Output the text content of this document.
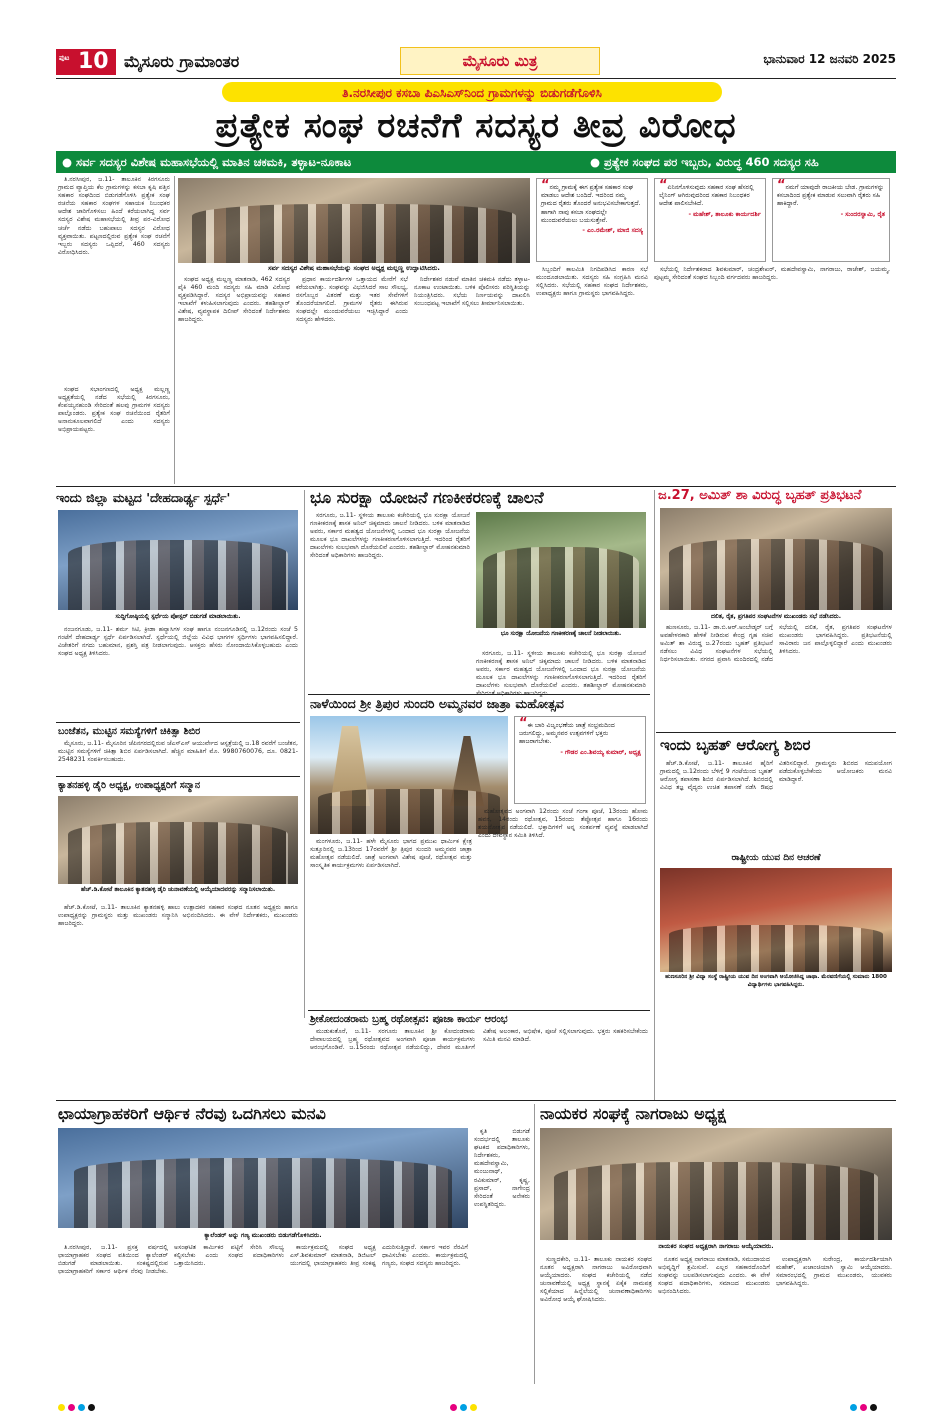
ಪುಟ 10 ಮೈಸೂರು ಗ್ರಾಮಾಂತರ	ಮೈಸೂರು ಮಿತ್ರ	ಭಾನುವಾರ 12 ಜನವರಿ 2025
ತಿ.ನರಸೀಪುರ ಕಸಬಾ ಪಿಎಸಿಎಸ್‌ನಿಂದ ಗ್ರಾಮಗಳನ್ನು ಬಿಡುಗಡೆಗೊಳಿಸಿ
ಪ್ರತ್ಯೇಕ ಸಂಘ ರಚನೆಗೆ ಸದಸ್ಯರ ತೀವ್ರ ವಿರೋಧ
● ಸರ್ವ ಸದಸ್ಯರ ವಿಶೇಷ ಮಹಾಸಭೆಯಲ್ಲಿ ಮಾತಿನ ಚಕಮಕಿ, ತಳ್ಳಾಟ-ನೂಕಾಟ	● ಪ್ರತ್ಯೇಕ ಸಂಘದ ಪರ ಇಬ್ಬರು, ವಿರುದ್ಧ 460 ಸದಸ್ಯರ ಸಹಿ

ತಿ.ನರಸೀಪುರ, ಜ.11- ತಾಲೂಕಿನ ಕಿರಗಸೂರು ಗ್ರಾಮದ ವ್ಯಾಪ್ತಿಯ ಕೆಲ ಗ್ರಾಮಗಳನ್ನು ಕಸಬಾ ಕೃಷಿ ಪತ್ತಿನ ಸಹಕಾರ ಸಂಘದಿಂದ ಬಿಡುಗಡೆಗೊಳಿಸಿ ಪ್ರತ್ಯೇಕ ಸಂಘ ರಚನೆಯ ಸಹಕಾರ ಸಂಘಗಳ ಸಹಾಯಕ ನಿಬಂಧಕರ ಆದೇಶ ಜಾರಿಗೊಳಿಸಲು ಹಿಂದೆ ಕರೆಯಲಾಗಿದ್ದ ಸರ್ವ ಸದಸ್ಯರ ವಿಶೇಷ ಮಹಾಸಭೆಯಲ್ಲಿ ತೀವ್ರ ಪರ-ವಿರೋಧ ಚರ್ಚೆ ನಡೆದು ಬಹುಪಾಲು ಸದಸ್ಯರ ವಿರೋಧ ವ್ಯಕ್ತವಾಯಿತು. ಪಟ್ಟಣದಲ್ಲಿರುವ ಪ್ರತ್ಯೇಕ ಸಂಘ ರಚನೆಗೆ ಇಬ್ಬರು ಸದಸ್ಯರು ಒಪ್ಪಿದರೆ, 460 ಸದಸ್ಯರು ವಿರೋಧಿಸಿದರು.

ಸಂಘದ ಸಭಾಂಗಣದಲ್ಲಿ ಅಧ್ಯಕ್ಷ ಮಲ್ಲಣ್ಣ ಅಧ್ಯಕ್ಷತೆಯಲ್ಲಿ ನಡೆದ ಸಭೆಯಲ್ಲಿ ಕಿರಗಸೂರು, ಕೆಂಪಯ್ಯನಹುಂಡಿ ಸೇರಿದಂತೆ ಹಲವು ಗ್ರಾಮಗಳ ಸದಸ್ಯರು ಪಾಲ್ಗೊಂಡರು. ಪ್ರತ್ಯೇಕ ಸಂಘ ರಚನೆಯಿಂದ ರೈತರಿಗೆ ಅನಾನುಕೂಲವಾಗಲಿದೆ ಎಂದು ಸದಸ್ಯರು ಅಭಿಪ್ರಾಯಪಟ್ಟರು.

ಸರ್ವ ಸದಸ್ಯರ ವಿಶೇಷ ಮಹಾಸಭೆಯನ್ನು ಸಂಘದ ಅಧ್ಯಕ್ಷ ಮಲ್ಲಣ್ಣ ಉದ್ಘಾಟಿಸಿದರು.

ಸಂಘದ ಅಧ್ಯಕ್ಷ ಮಲ್ಲಣ್ಣ ಮಾತನಾಡಿ, 462 ಸದಸ್ಯರ ಪೈಕಿ 460 ಮಂದಿ ಸದಸ್ಯರು ಸಹಿ ಮಾಡಿ ವಿರೋಧ ವ್ಯಕ್ತಪಡಿಸಿದ್ದಾರೆ. ಸದಸ್ಯರ ಅಭಿಪ್ರಾಯವನ್ನು ಸಹಕಾರ ಇಲಾಖೆಗೆ ಕಳುಹಿಸಲಾಗುವುದು ಎಂದರು. ತಹಶೀಲ್ದಾರ್ ವಿಶೇಷ, ವ್ಯವಸ್ಥಾಪಕ ದಿಲೀಪ್ ಸೇರಿದಂತೆ ನಿರ್ದೇಶಕರು ಹಾಜರಿದ್ದರು.

ಪ್ರಧಾನ ಕಾರ್ಯದರ್ಶಿಗಳ ಒತ್ತಾಯದ ಮೇರೆಗೆ ಸಭೆ ಕರೆಯಲಾಗಿತ್ತು. ಸಂಘವನ್ನು ವಿಭಜಿಸಿದರೆ ಸಾಲ ಸೌಲಭ್ಯ, ರಸಗೊಬ್ಬರ ವಿತರಣೆ ಮತ್ತು ಇತರ ಸೇವೆಗಳಿಗೆ ತೊಂದರೆಯಾಗಲಿದೆ. ಗ್ರಾಮಗಳ ರೈತರು ಈಗಿರುವ ಸಂಘದಲ್ಲೇ ಮುಂದುವರೆಯಲು ಇಚ್ಛಿಸಿದ್ದಾರೆ ಎಂದು ಸದಸ್ಯರು ಹೇಳಿದರು.

ನಿರ್ದೇಶಕರ ನಡುವೆ ಮಾತಿನ ಚಕಮಕಿ ನಡೆದು ತಳ್ಳಾಟ-ನೂಕಾಟ ಉಂಟಾಯಿತು. ಬಳಿಕ ಪೊಲೀಸರು ಪರಿಸ್ಥಿತಿಯನ್ನು ನಿಯಂತ್ರಿಸಿದರು. ಸಭೆಯ ನಿರ್ಣಯವನ್ನು ದಾಖಲಿಸಿ ಸಂಬಂಧಪಟ್ಟ ಇಲಾಖೆಗೆ ಸಲ್ಲಿಸಲು ತೀರ್ಮಾನಿಸಲಾಯಿತು.

“ನಮ್ಮ ಗ್ರಾಮಕ್ಕೆ ಈಗ ಪ್ರತ್ಯೇಕ ಸಹಕಾರ ಸಂಘ ಮಾಡಲು ಆದೇಶ ಬಂದಿದೆ. ಇದರಿಂದ ನಮ್ಮ ಗ್ರಾಮದ ರೈತರು ತೊಂದರೆ ಅನುಭವಿಸಬೇಕಾಗುತ್ತದೆ. ಹಾಗಾಗಿ ನಾವು ಕಸಬಾ ಸಂಘದಲ್ಲೇ ಮುಂದುವರೆಯಲು ಬಯಸುತ್ತೇವೆ.
- ಎಂ.ರಮೇಶ್, ಮಾಜಿ ಸದಸ್ಯ
“ಏನಿನಗೊಳಿಸುವುದು ಸಹಕಾರ ಸಂಘ ಹೆಸರಲ್ಲಿ ಲೈನಿಂಗ್ ಆಗಿರುವುದರಿಂದ ಸಹಕಾರ ನಿಬಂಧಕರ ಆದೇಶ ಪಾಲಿಸಬೇಕಿದೆ.
- ಮಹೇಶ್, ತಾಲೂಕು ಕಾರ್ಯದರ್ಶಿ
“ನಮಗೆ ಯಾವುದೇ ರಾಜಕೀಯ ಬೇಡ. ಗ್ರಾಮಗಳನ್ನು ಕಸಬಾದಿಂದ ಪ್ರತ್ಯೇಕ ಮಾಡುವ ಸಲುವಾಗಿ ರೈತರು ಸಹಿ ಹಾಕಿದ್ದಾರೆ.
- ಸುಂದರಸ್ವಾಮಿ, ರೈತ

ಸಿಬ್ಬಂದಿಗೆ ಕಾಲಮಿತಿ ನಿಗದಿಪಡಿಸಿದ ಕಾರಣ ಸಭೆ ಮುಂದೂಡಲಾಯಿತು. ಸದಸ್ಯರು ಸಹಿ ಸಂಗ್ರಹಿಸಿ ಮನವಿ ಸಲ್ಲಿಸಿದರು. ಸಭೆಯಲ್ಲಿ ಸಹಕಾರ ಸಂಘದ ನಿರ್ದೇಶಕರು, ಉಪಾಧ್ಯಕ್ಷರು ಹಾಗೂ ಗ್ರಾಮಸ್ಥರು ಭಾಗವಹಿಸಿದ್ದರು.

ಸಭೆಯಲ್ಲಿ ನಿರ್ದೇಶಕರಾದ ಶಿವಕುಮಾರ್, ಚಂದ್ರಶೇಖರ್, ಮಹದೇವಸ್ವಾಮಿ, ನಾಗರಾಜು, ರಾಜೇಶ್, ಜಯಮ್ಮ, ಪುಟ್ಟಮ್ಮ ಸೇರಿದಂತೆ ಸಂಘದ ಸಿಬ್ಬಂದಿ ವರ್ಗದವರು ಹಾಜರಿದ್ದರು.

ಇಂದು ಜಿಲ್ಲಾ ಮಟ್ಟದ 'ದೇಹದಾರ್ಢ್ಯ ಸ್ಪರ್ಧೆ'
ಸುದ್ದಿಗೋಷ್ಠಿಯಲ್ಲಿ ಸ್ಪರ್ಧೆಯ ಪೋಸ್ಟರ್ ಬಿಡುಗಡೆ ಮಾಡಲಾಯಿತು.

ನಂಜನಗೂಡು, ಜ.11- ಶರ್ಮ ಸಿಟಿ, ಕ್ರೀಡಾ ಹವ್ಯಾಸಿಗಳ ಸಂಘ ಹಾಗೂ ನಂಜನಗೂಡಿನಲ್ಲಿ ಜ.12ರಂದು ಸಂಜೆ 5 ಗಂಟೆಗೆ ದೇಹದಾರ್ಢ್ಯ ಸ್ಪರ್ಧೆ ಏರ್ಪಡಿಸಲಾಗಿದೆ. ಸ್ಪರ್ಧೆಯಲ್ಲಿ ಜಿಲ್ಲೆಯ ವಿವಿಧ ಭಾಗಗಳ ಸ್ಪರ್ಧಿಗಳು ಭಾಗವಹಿಸಲಿದ್ದಾರೆ. ವಿಜೇತರಿಗೆ ನಗದು ಬಹುಮಾನ, ಪ್ರಶಸ್ತಿ ಪತ್ರ ನೀಡಲಾಗುವುದು. ಆಸಕ್ತರು ಹೆಸರು ನೋಂದಾಯಿಸಿಕೊಳ್ಳಬಹುದು ಎಂದು ಸಂಘದ ಅಧ್ಯಕ್ಷ ತಿಳಿಸಿದರು.

ಬಂಜೆತನ, ಮುಟ್ಟಿನ ಸಮಸ್ಯೆಗಳಿಗೆ ಚಿಕಿತ್ಸಾ ಶಿಬಿರ

ಮೈಸೂರು, ಜ.11- ಮೈಸೂರಿನ ಜೆಪಿನಗರದಲ್ಲಿರುವ ಜೆಎಸ್ಎಸ್ ಆಯುರ್ವೇದ ಆಸ್ಪತ್ರೆಯಲ್ಲಿ ಜ.18 ರವರೆಗೆ ಬಂಜೆತನ, ಮುಟ್ಟಿನ ಸಮಸ್ಯೆಗಳಿಗೆ ಚಿಕಿತ್ಸಾ ಶಿಬಿರ ಏರ್ಪಡಿಸಲಾಗಿದೆ. ಹೆಚ್ಚಿನ ಮಾಹಿತಿಗೆ ಮೊ. 9980760076, ದೂ. 0821-2548231 ಸಂಪರ್ಕಿಸಬಹುದು.

ಕ್ಯಾತನಹಳ್ಳಿ ಡೈರಿ ಅಧ್ಯಕ್ಷ, ಉಪಾಧ್ಯಕ್ಷರಿಗೆ ಸನ್ಮಾನ
ಹೆಚ್.ಡಿ.ಕೋಟೆ ತಾಲೂಕಿನ ಕ್ಯಾತನಹಳ್ಳಿ ಡೈರಿ ಚುನಾವಣೆಯಲ್ಲಿ ಆಯ್ಕೆಯಾದವರನ್ನು ಸನ್ಮಾನಿಸಲಾಯಿತು.

ಹೆಚ್.ಡಿ.ಕೋಟೆ, ಜ.11- ತಾಲೂಕಿನ ಕ್ಯಾತನಹಳ್ಳಿ ಹಾಲು ಉತ್ಪಾದಕರ ಸಹಕಾರ ಸಂಘದ ನೂತನ ಅಧ್ಯಕ್ಷರು ಹಾಗೂ ಉಪಾಧ್ಯಕ್ಷರನ್ನು ಗ್ರಾಮಸ್ಥರು ಮತ್ತು ಮುಖಂಡರು ಸನ್ಮಾನಿಸಿ ಅಭಿನಂದಿಸಿದರು. ಈ ವೇಳೆ ನಿರ್ದೇಶಕರು, ಮುಖಂಡರು ಹಾಜರಿದ್ದರು.

ಭೂ ಸುರಕ್ಷಾ ಯೋಜನೆ ಗಣಕೀಕರಣಕ್ಕೆ ಚಾಲನೆ

ಸರಗೂರು, ಜ.11- ಸ್ಥಳೀಯ ತಾಲೂಕು ಕಚೇರಿಯಲ್ಲಿ ಭೂ ಸುರಕ್ಷಾ ಯೋಜನೆ ಗಣಕೀಕರಣಕ್ಕೆ ಶಾಸಕ ಅನಿಲ್ ಚಿಕ್ಕಮಾದು ಚಾಲನೆ ನೀಡಿದರು. ಬಳಿಕ ಮಾತನಾಡಿದ ಅವರು, ಸರ್ಕಾರ ಮಹತ್ವದ ಯೋಜನೆಗಳಲ್ಲಿ ಒಂದಾದ ಭೂ ಸುರಕ್ಷಾ ಯೋಜನೆಯ ಮೂಲಕ ಭೂ ದಾಖಲೆಗಳನ್ನು ಗಣಕೀಕರಣಗೊಳಿಸಲಾಗುತ್ತಿದೆ. ಇದರಿಂದ ರೈತರಿಗೆ ದಾಖಲೆಗಳು ಸುಲಭವಾಗಿ ದೊರೆಯಲಿವೆ ಎಂದರು. ತಹಶೀಲ್ದಾರ್ ಮೋಹನಕುಮಾರಿ ಸೇರಿದಂತೆ ಅಧಿಕಾರಿಗಳು ಹಾಜರಿದ್ದರು.

ಭೂ ಸುರಕ್ಷಾ ಯೋಜನೆಯ ಗಣಕೀಕರಣಕ್ಕೆ ಚಾಲನೆ ನೀಡಲಾಯಿತು.

ಸರಗೂರು, ಜ.11- ಸ್ಥಳೀಯ ತಾಲೂಕು ಕಚೇರಿಯಲ್ಲಿ ಭೂ ಸುರಕ್ಷಾ ಯೋಜನೆ ಗಣಕೀಕರಣಕ್ಕೆ ಶಾಸಕ ಅನಿಲ್ ಚಿಕ್ಕಮಾದು ಚಾಲನೆ ನೀಡಿದರು. ಬಳಿಕ ಮಾತನಾಡಿದ ಅವರು, ಸರ್ಕಾರ ಮಹತ್ವದ ಯೋಜನೆಗಳಲ್ಲಿ ಒಂದಾದ ಭೂ ಸುರಕ್ಷಾ ಯೋಜನೆಯ ಮೂಲಕ ಭೂ ದಾಖಲೆಗಳನ್ನು ಗಣಕೀಕರಣಗೊಳಿಸಲಾಗುತ್ತಿದೆ. ಇದರಿಂದ ರೈತರಿಗೆ ದಾಖಲೆಗಳು ಸುಲಭವಾಗಿ ದೊರೆಯಲಿವೆ ಎಂದರು. ತಹಶೀಲ್ದಾರ್ ಮೋಹನಕುಮಾರಿ

ನಾಳೆಯಿಂದ ಶ್ರೀ ತ್ರಿಪುರ ಸುಂದರಿ ಅಮ್ಮನವರ ಜಾತ್ರಾ ಮಹೋತ್ಸವ
“ಈ ಬಾರಿ ವಿಜೃಂಭಣೆಯ ಜಾತ್ರೆ ಸಂಭ್ರಮದಿಂದ ಜರುಗಲಿದ್ದು, ಅಮ್ಮನವರ ಉತ್ಸವಗಳಿಗೆ ಭಕ್ತರು ಹಾಜರಾಗಬೇಕು.
- ಗೌಡರ ಎಂ.ಶಿವಯ್ಯ ಕುಮಾರ್, ಅಧ್ಯಕ್ಷ

ಮಂಗಳೂರು, ಜ.11- ಹಳೇ ಮೈಸೂರು ಭಾಗದ ಪ್ರಮುಖ ಧಾರ್ಮಿಕ ಕ್ಷೇತ್ರ ಸುತ್ತೂರಿನಲ್ಲಿ ಜ.13ರಿಂದ 17ರವರೆಗೆ ಶ್ರೀ ತ್ರಿಪುರ ಸುಂದರಿ ಅಮ್ಮನವರ ಜಾತ್ರಾ ಮಹೋತ್ಸವ ನಡೆಯಲಿದೆ. ಜಾತ್ರೆ ಅಂಗವಾಗಿ ವಿಶೇಷ ಪೂಜೆ, ರಥೋತ್ಸವ ಮತ್ತು ಸಾಂಸ್ಕೃತಿಕ ಕಾರ್ಯಕ್ರಮಗಳು ಏರ್ಪಡಿಸಲಾಗಿದೆ.

ಮಹೋತ್ಸವದ ಅಂಗವಾಗಿ 12ರಂದು ಸಂಜೆ ಗಂಗಾ ಪೂಜೆ, 13ರಂದು ಹೋಮ ಹವನ, 14ರಂದು ರಥೋತ್ಸವ, 15ರಂದು ತೆಪ್ಪೋತ್ಸವ ಹಾಗೂ 16ರಂದು ಶಯನೋತ್ಸವ ನಡೆಯಲಿದೆ. ಭಕ್ತಾದಿಗಳಿಗೆ ಅನ್ನ ಸಂತರ್ಪಣೆ ವ್ಯವಸ್ಥೆ ಮಾಡಲಾಗಿದೆ ಎಂದು ದೇವಸ್ಥಾನ ಸಮಿತಿ ತಿಳಿಸಿದೆ.

ಶ್ರೀಕೋದಂಡರಾಮ ಬ್ರಹ್ಮ ರಥೋತ್ಸವ: ಪೂಜಾ ಕಾರ್ಯ ಆರಂಭ

ಮುಡುಕುತೊರೆ, ಜ.11- ಸರಗೂರು ತಾಲೂಕಿನ ಶ್ರೀ ಕೋದಂಡರಾಮ ದೇವಾಲಯದಲ್ಲಿ ಬ್ರಹ್ಮ ರಥೋತ್ಸವದ ಅಂಗವಾಗಿ ಪೂಜಾ ಕಾರ್ಯಕ್ರಮಗಳು ಆರಂಭಗೊಂಡಿವೆ. ಜ.15ರಂದು ರಥೋತ್ಸವ ನಡೆಯಲಿದ್ದು, ದೇವರ ಮೂರ್ತಿಗೆ ವಿಶೇಷ ಅಲಂಕಾರ, ಅಭಿಷೇಕ, ಪೂಜೆ ಸಲ್ಲಿಸಲಾಗುವುದು. ಭಕ್ತರು ಸಹಕರಿಸಬೇಕೆಂದು ಸಮಿತಿ ಮನವಿ ಮಾಡಿದೆ.

ಜ.27, ಅಮಿತ್ ಶಾ ವಿರುದ್ಧ ಬೃಹತ್ ಪ್ರತಿಭಟನೆ
ದಲಿತ, ರೈತ, ಪ್ರಗತಿಪರ ಸಂಘಟನೆಗಳ ಮುಖಂಡರು ಸಭೆ ನಡೆಸಿದರು.

ಹುಣಸೂರು, ಜ.11- ಡಾ.ಬಿ.ಆರ್.ಅಂಬೇಡ್ಕರ್ ಬಗ್ಗೆ ಅವಹೇಳನಕಾರಿ ಹೇಳಿಕೆ ನೀಡಿರುವ ಕೇಂದ್ರ ಗೃಹ ಸಚಿವ ಅಮಿತ್ ಶಾ ವಿರುದ್ಧ ಜ.27ರಂದು ಬೃಹತ್ ಪ್ರತಿಭಟನೆ ನಡೆಸಲು ವಿವಿಧ ಸಂಘಟನೆಗಳ ಸಭೆಯಲ್ಲಿ ನಿರ್ಧರಿಸಲಾಯಿತು. ನಗರದ ಪ್ರವಾಸಿ ಮಂದಿರದಲ್ಲಿ ನಡೆದ ಸಭೆಯಲ್ಲಿ ದಲಿತ, ರೈತ, ಪ್ರಗತಿಪರ ಸಂಘಟನೆಗಳ ಮುಖಂಡರು ಭಾಗವಹಿಸಿದ್ದರು. ಪ್ರತಿಭಟನೆಯಲ್ಲಿ ಸಾವಿರಾರು ಜನ ಪಾಲ್ಗೊಳ್ಳಲಿದ್ದಾರೆ ಎಂದು ಮುಖಂಡರು ತಿಳಿಸಿದರು.

ಇಂದು ಬೃಹತ್ ಆರೋಗ್ಯ ಶಿಬಿರ

ಹೆಚ್.ಡಿ.ಕೋಟೆ, ಜ.11- ತಾಲೂಕಿನ ಹೈರಿಗೆ ಗ್ರಾಮದಲ್ಲಿ ಜ.12ರಂದು ಬೆಳಿಗ್ಗೆ 9 ಗಂಟೆಯಿಂದ ಬೃಹತ್ ಆರೋಗ್ಯ ತಪಾಸಣಾ ಶಿಬಿರ ಏರ್ಪಡಿಸಲಾಗಿದೆ. ಶಿಬಿರದಲ್ಲಿ ವಿವಿಧ ತಜ್ಞ ವೈದ್ಯರು ಉಚಿತ ತಪಾಸಣೆ ನಡೆಸಿ ಔಷಧ ವಿತರಿಸಲಿದ್ದಾರೆ. ಗ್ರಾಮಸ್ಥರು ಶಿಬಿರದ ಸದುಪಯೋಗ ಪಡೆದುಕೊಳ್ಳಬೇಕೆಂದು ಆಯೋಜಕರು ಮನವಿ ಮಾಡಿದ್ದಾರೆ.

ರಾಷ್ಟ್ರೀಯ ಯುವ ದಿನ ಆಚರಣೆ
ಹುಣಸೂರಿನ ಶ್ರೀ ವಿದ್ಯಾ ಸಂಸ್ಥೆ ರಾಷ್ಟ್ರೀಯ ಯುವ ದಿನ ಅಂಗವಾಗಿ ಆಯೋಜಿಸಿದ್ದ ಜಾಥಾ. ಮೆರವಣಿಗೆಯಲ್ಲಿ ಸುಮಾರು 1800 ವಿದ್ಯಾರ್ಥಿಗಳು ಭಾಗವಹಿಸಿದ್ದರು.
ಛಾಯಾಗ್ರಾಹಕರಿಗೆ ಆರ್ಥಿಕ ನೆರವು ಒದಗಿಸಲು ಮನವಿ
ಕ್ಯಾಲೆಂಡರ್ ಅನ್ನು ಗಣ್ಯ ಮುಖಂಡರು ಬಿಡುಗಡೆಗೊಳಿಸಿದರು.

ತಿ.ನರಸೀಪುರ, ಜ.11- ಪ್ರಸಕ್ತ ವರ್ಷದಲ್ಲಿ ಛಾಯಾಗ್ರಾಹಕರ ಸಂಘದ ವತಿಯಿಂದ ಕ್ಯಾಲೆಂಡರ್ ಬಿಡುಗಡೆ ಮಾಡಲಾಯಿತು. ಸಂಕಷ್ಟದಲ್ಲಿರುವ ಛಾಯಾಗ್ರಾಹಕರಿಗೆ ಸರ್ಕಾರ ಆರ್ಥಿಕ ನೆರವು ನೀಡಬೇಕು. ಅಸಂಘಟಿತ ಕಾರ್ಮಿಕರ ಪಟ್ಟಿಗೆ ಸೇರಿಸಿ ಸೌಲಭ್ಯ ಕಲ್ಪಿಸಬೇಕು ಎಂದು ಸಂಘದ ಪದಾಧಿಕಾರಿಗಳು ಒತ್ತಾಯಿಸಿದರು.

ಕಾರ್ಯಕ್ರಮದಲ್ಲಿ ಸಂಘದ ಅಧ್ಯಕ್ಷ ಎಸ್.ಶಿವಕುಮಾರ್ ಮಾತನಾಡಿ, ಡಿಜಿಟಲ್ ಯುಗದಲ್ಲಿ ಛಾಯಾಗ್ರಾಹಕರು ತೀವ್ರ ಸಂಕಷ್ಟ ಎದುರಿಸುತ್ತಿದ್ದಾರೆ. ಸರ್ಕಾರ ಇವರ ನೆರವಿಗೆ ಧಾವಿಸಬೇಕು ಎಂದರು. ಕಾರ್ಯಕ್ರಮದಲ್ಲಿ ಗಣ್ಯರು, ಸಂಘದ ಸದಸ್ಯರು ಹಾಜರಿದ್ದರು.

ಕೃತಿ ಬಿಡುಗಡೆ ಸಂದರ್ಭದಲ್ಲಿ ತಾಲೂಕು ಘಟಕದ ಪದಾಧಿಕಾರಿಗಳು, ನಿರ್ದೇಶಕರು, ಮಹದೇವಸ್ವಾಮಿ, ಮಂಜುನಾಥ್, ರವಿಕುಮಾರ್, ಕೃಷ್ಣ, ಪ್ರಸಾದ್, ನಾಗೇಂದ್ರ ಸೇರಿದಂತೆ ಅನೇಕರು ಉಪಸ್ಥಿತರಿದ್ದರು.

ನಾಯಕರ ಸಂಘಕ್ಕೆ ನಾಗರಾಜು ಅಧ್ಯಕ್ಷ
ನಾಯಕರ ಸಂಘದ ಅಧ್ಯಕ್ಷರಾಗಿ ನಾಗರಾಜು ಆಯ್ಕೆಯಾದರು.

ಸುಣ್ಣದಕೇರಿ, ಜ.11- ತಾಲೂಕು ನಾಯಕರ ಸಂಘದ ನೂತನ ಅಧ್ಯಕ್ಷರಾಗಿ ನಾಗರಾಜು ಅವಿರೋಧವಾಗಿ ಆಯ್ಕೆಯಾದರು. ಸಂಘದ ಕಚೇರಿಯಲ್ಲಿ ನಡೆದ ಚುನಾವಣೆಯಲ್ಲಿ ಅಧ್ಯಕ್ಷ ಸ್ಥಾನಕ್ಕೆ ಏಕೈಕ ನಾಮಪತ್ರ ಸಲ್ಲಿಕೆಯಾದ ಹಿನ್ನೆಲೆಯಲ್ಲಿ ಚುನಾವಣಾಧಿಕಾರಿಗಳು ಅವಿರೋಧ ಆಯ್ಕೆ ಘೋಷಿಸಿದರು.

ನೂತನ ಅಧ್ಯಕ್ಷ ನಾಗರಾಜು ಮಾತನಾಡಿ, ಸಮುದಾಯದ ಅಭಿವೃದ್ಧಿಗೆ ಶ್ರಮಿಸುವೆ. ಎಲ್ಲರ ಸಹಕಾರದೊಂದಿಗೆ ಸಂಘವನ್ನು ಬಲಪಡಿಸಲಾಗುವುದು ಎಂದರು. ಈ ವೇಳೆ ಸಂಘದ ಪದಾಧಿಕಾರಿಗಳು, ಸಮಾಜದ ಮುಖಂಡರು ಅಭಿನಂದಿಸಿದರು.

ಉಪಾಧ್ಯಕ್ಷರಾಗಿ ಸುರೇಂದ್ರ, ಕಾರ್ಯದರ್ಶಿಯಾಗಿ ಮಹೇಶ್, ಖಜಾಂಚಿಯಾಗಿ ಸ್ವಾಮಿ ಆಯ್ಕೆಯಾದರು. ಸಮಾರಂಭದಲ್ಲಿ ಗ್ರಾಮದ ಮುಖಂಡರು, ಯುವಕರು ಭಾಗವಹಿಸಿದ್ದರು.
